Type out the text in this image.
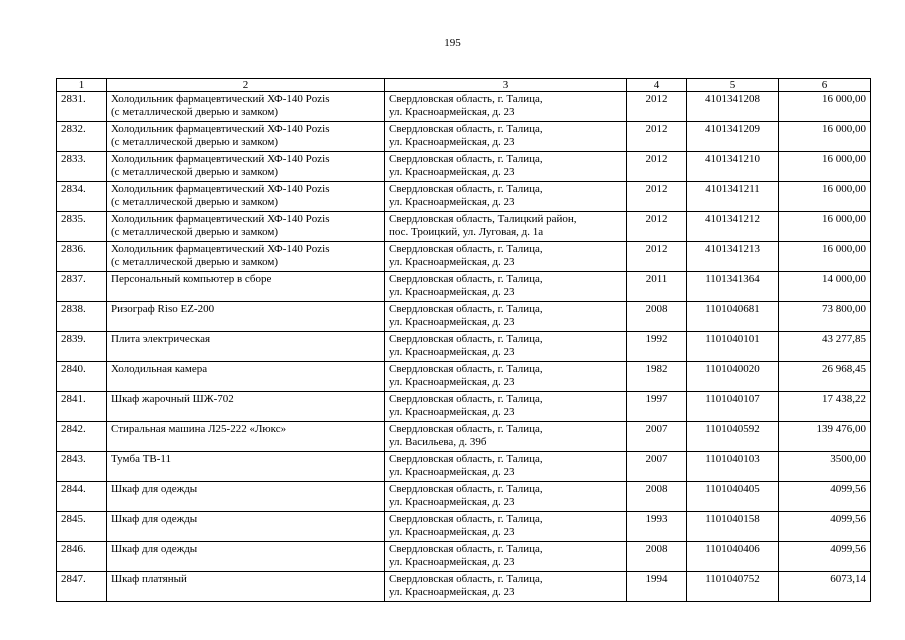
195
1	2	3	4	5	6
2831.	Холодильник фармацевтический ХФ-140 Pozis
(с металлической дверью и замком)	Свердловская область, г. Талица,
ул. Красноармейская, д. 23	2012	4101341208	16 000,00
2832.	Холодильник фармацевтический ХФ-140 Pozis
(с металлической дверью и замком)	Свердловская область, г. Талица,
ул. Красноармейская, д. 23	2012	4101341209	16 000,00
2833.	Холодильник фармацевтический ХФ-140 Pozis
(с металлической дверью и замком)	Свердловская область, г. Талица,
ул. Красноармейская, д. 23	2012	4101341210	16 000,00
2834.	Холодильник фармацевтический ХФ-140 Pozis
(с металлической дверью и замком)	Свердловская область, г. Талица,
ул. Красноармейская, д. 23	2012	4101341211	16 000,00
2835.	Холодильник фармацевтический ХФ-140 Pozis
(с металлической дверью и замком)	Свердловская область, Талицкий район,
пос. Троицкий, ул. Луговая, д. 1а	2012	4101341212	16 000,00
2836.	Холодильник фармацевтический ХФ-140 Pozis
(с металлической дверью и замком)	Свердловская область, г. Талица,
ул. Красноармейская, д. 23	2012	4101341213	16 000,00
2837.	Персональный компьютер в сборе	Свердловская область, г. Талица,
ул. Красноармейская, д. 23	2011	1101341364	14 000,00
2838.	Ризограф Riso EZ-200	Свердловская область, г. Талица,
ул. Красноармейская, д. 23	2008	1101040681	73 800,00
2839.	Плита электрическая	Свердловская область, г. Талица,
ул. Красноармейская, д. 23	1992	1101040101	43 277,85
2840.	Холодильная камера	Свердловская область, г. Талица,
ул. Красноармейская, д. 23	1982	1101040020	26 968,45
2841.	Шкаф жарочный ШЖ-702	Свердловская область, г. Талица,
ул. Красноармейская, д. 23	1997	1101040107	17 438,22
2842.	Стиральная машина Л25-222 «Люкс»	Свердловская область, г. Талица,
ул. Васильева, д. 39б	2007	1101040592	139 476,00
2843.	Тумба ТВ-11	Свердловская область, г. Талица,
ул. Красноармейская, д. 23	2007	1101040103	3500,00
2844.	Шкаф для одежды	Свердловская область, г. Талица,
ул. Красноармейская, д. 23	2008	1101040405	4099,56
2845.	Шкаф для одежды	Свердловская область, г. Талица,
ул. Красноармейская, д. 23	1993	1101040158	4099,56
2846.	Шкаф для одежды	Свердловская область, г. Талица,
ул. Красноармейская, д. 23	2008	1101040406	4099,56
2847.	Шкаф платяный	Свердловская область, г. Талица,
ул. Красноармейская, д. 23	1994	1101040752	6073,14
